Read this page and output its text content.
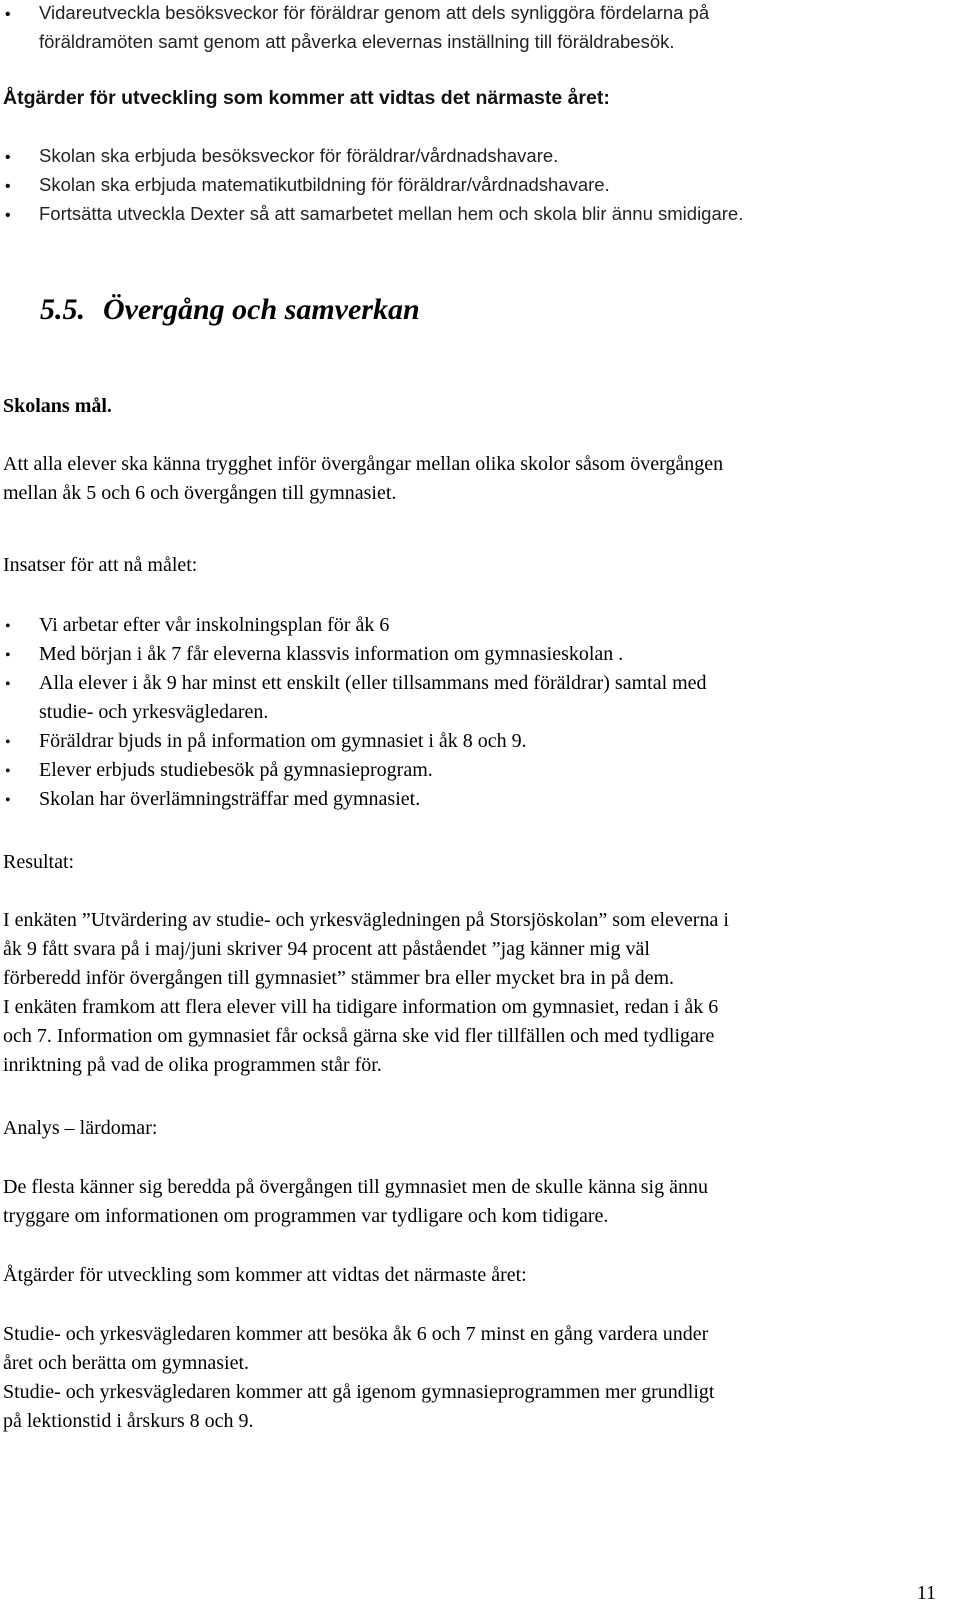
• Vidareutveckla besöksveckor för föräldrar genom att dels synliggöra fördelarna på
föräldramöten samt genom att påverka elevernas inställning till föräldrabesök.
Åtgärder för utveckling som kommer att vidtas det närmaste året:
• Skolan ska erbjuda besöksveckor för föräldrar/vårdnadshavare.
• Skolan ska erbjuda matematikutbildning för föräldrar/vårdnadshavare.
• Fortsätta utveckla Dexter så att samarbetet mellan hem och skola blir ännu smidigare.
5.5. Övergång och samverkan
Skolans mål.
Att alla elever ska känna trygghet inför övergångar mellan olika skolor såsom övergången
mellan åk 5 och 6 och övergången till gymnasiet.
Insatser för att nå målet:
• Vi arbetar efter vår inskolningsplan för åk 6
• Med början i åk 7 får eleverna klassvis information om gymnasieskolan .
• Alla elever i åk 9 har minst ett enskilt (eller tillsammans med föräldrar) samtal med
studie- och yrkesvägledaren.
• Föräldrar bjuds in på information om gymnasiet i åk 8 och 9.
• Elever erbjuds studiebesök på gymnasieprogram.
• Skolan har överlämningsträffar med gymnasiet.
Resultat:
I enkäten ”Utvärdering av studie- och yrkesvägledningen på Storsjöskolan” som eleverna i
åk 9 fått svara på i maj/juni skriver 94 procent att påståendet ”jag känner mig väl
förberedd inför övergången till gymnasiet” stämmer bra eller mycket bra in på dem.
I enkäten framkom att flera elever vill ha tidigare information om gymnasiet, redan i åk 6
och 7. Information om gymnasiet får också gärna ske vid fler tillfällen och med tydligare
inriktning på vad de olika programmen står för.
Analys – lärdomar:
De flesta känner sig beredda på övergången till gymnasiet men de skulle känna sig ännu
tryggare om informationen om programmen var tydligare och kom tidigare.
Åtgärder för utveckling som kommer att vidtas det närmaste året:
Studie- och yrkesvägledaren kommer att besöka åk 6 och 7 minst en gång vardera under
året och berätta om gymnasiet.
Studie- och yrkesvägledaren kommer att gå igenom gymnasieprogrammen mer grundligt
på lektionstid i årskurs 8 och 9.
11
